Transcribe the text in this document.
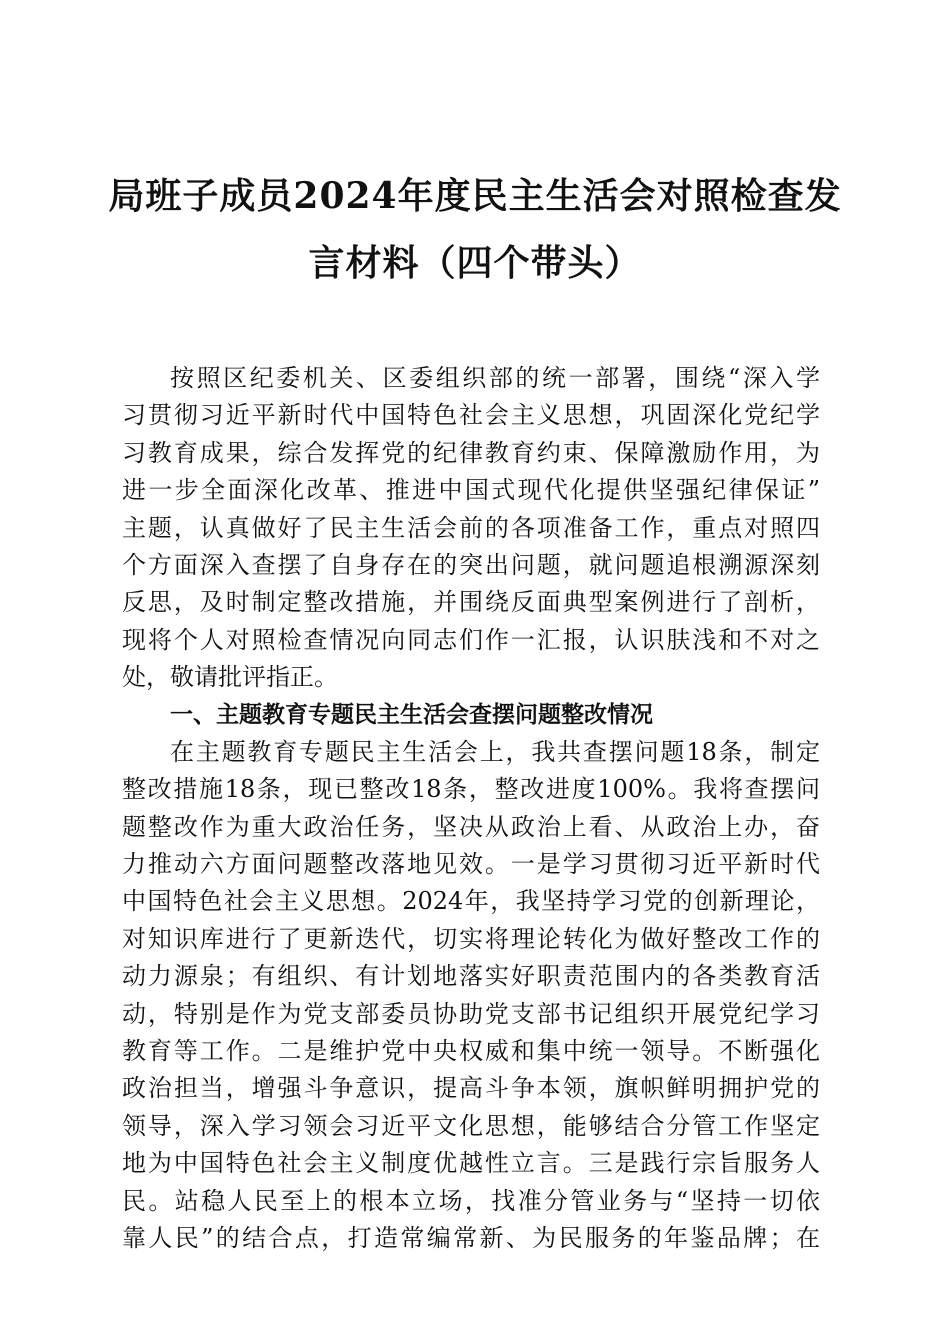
局班子成员2024年度民主生活会对照检查发
言材料（四个带头）
按照区纪委机关、区委组织部的统一部署，围绕“深入学
习贯彻习近平新时代中国特色社会主义思想，巩固深化党纪学
习教育成果，综合发挥党的纪律教育约束、保障激励作用，为
进一步全面深化改革、推进中国式现代化提供坚强纪律保证”
主题，认真做好了民主生活会前的各项准备工作，重点对照四
个方面深入查摆了自身存在的突出问题，就问题追根溯源深刻
反思，及时制定整改措施，并围绕反面典型案例进行了剖析，
现将个人对照检查情况向同志们作一汇报，认识肤浅和不对之
处，敬请批评指正。
一、主题教育专题民主生活会查摆问题整改情况
在主题教育专题民主生活会上，我共查摆问题18条，制定
整改措施18条，现已整改18条，整改进度100%。我将查摆问
题整改作为重大政治任务，坚决从政治上看、从政治上办，奋
力推动六方面问题整改落地见效。一是学习贯彻习近平新时代
中国特色社会主义思想。2024年，我坚持学习党的创新理论，
对知识库进行了更新迭代，切实将理论转化为做好整改工作的
动力源泉；有组织、有计划地落实好职责范围内的各类教育活
动，特别是作为党支部委员协助党支部书记组织开展党纪学习
教育等工作。二是维护党中央权威和集中统一领导。不断强化
政治担当，增强斗争意识，提高斗争本领，旗帜鲜明拥护党的
领导，深入学习领会习近平文化思想，能够结合分管工作坚定
地为中国特色社会主义制度优越性立言。三是践行宗旨服务人
民。站稳人民至上的根本立场，找准分管业务与“坚持一切依
靠人民”的结合点，打造常编常新、为民服务的年鉴品牌；在
